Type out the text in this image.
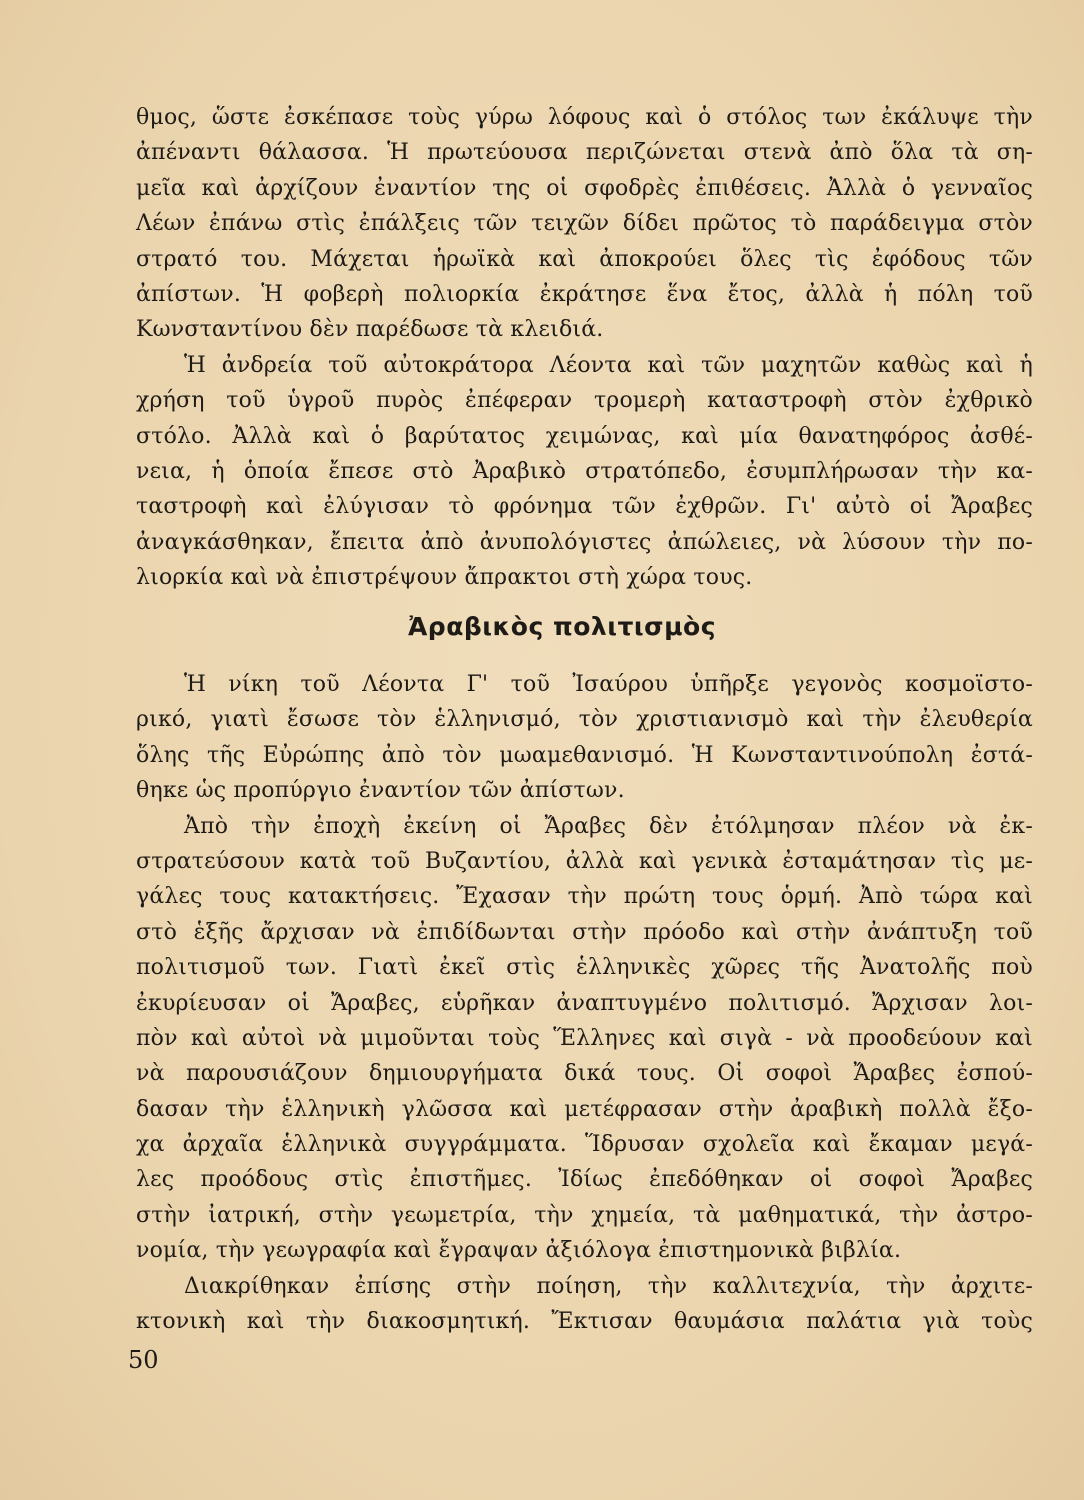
θμος, ὥστε ἐσκέπασε τοὺς γύρω λόφους καὶ ὁ στόλος των ἐκάλυψε τὴν
ἀπέναντι θάλασσα. Ἡ πρωτεύουσα περιζώνεται στενὰ ἀπὸ ὅλα τὰ ση-
μεῖα καὶ ἀρχίζουν ἐναντίον της οἱ σφοδρὲς ἐπιθέσεις. Ἀλλὰ ὁ γενναῖος
Λέων ἐπάνω στὶς ἐπάλξεις τῶν τειχῶν δίδει πρῶτος τὸ παράδειγμα στὸν
στρατό του. Μάχεται ἡρωϊκὰ καὶ ἀποκρούει ὅλες τὶς ἐφόδους τῶν
ἀπίστων. Ἡ φοβερὴ πολιορκία ἐκράτησε ἕνα ἔτος, ἀλλὰ ἡ πόλη τοῦ
Κωνσταντίνου δὲν παρέδωσε τὰ κλειδιά.
Ἡ ἀνδρεία τοῦ αὐτοκράτορα Λέοντα καὶ τῶν μαχητῶν καθὼς καὶ ἡ
χρήση τοῦ ὑγροῦ πυρὸς ἐπέφεραν τρομερὴ καταστροφὴ στὸν ἐχθρικὸ
στόλο. Ἀλλὰ καὶ ὁ βαρύτατος χειμώνας, καὶ μία θανατηφόρος ἀσθέ-
νεια, ἡ ὁποία ἔπεσε στὸ Ἀραβικὸ στρατόπεδο, ἐσυμπλήρωσαν τὴν κα-
ταστροφὴ καὶ ἐλύγισαν τὸ φρόνημα τῶν ἐχθρῶν. Γι' αὐτὸ οἱ Ἄραβες
ἀναγκάσθηκαν, ἔπειτα ἀπὸ ἀνυπολόγιστες ἀπώλειες, νὰ λύσουν τὴν πο-
λιορκία καὶ νὰ ἐπιστρέψουν ἄπρακτοι στὴ χώρα τους.
Ἀραβικὸς πολιτισμὸς
Ἡ νίκη τοῦ Λέοντα Γ' τοῦ Ἰσαύρου ὑπῆρξε γεγονὸς κοσμοϊστο-
ρικό, γιατὶ ἔσωσε τὸν ἑλληνισμό, τὸν χριστιανισμὸ καὶ τὴν ἐλευθερία
ὅλης τῆς Εὐρώπης ἀπὸ τὸν μωαμεθανισμό. Ἡ Κωνσταντινούπολη ἐστά-
θηκε ὡς προπύργιο ἐναντίον τῶν ἀπίστων.
Ἀπὸ τὴν ἐποχὴ ἐκείνη οἱ Ἄραβες δὲν ἐτόλμησαν πλέον νὰ ἐκ-
στρατεύσουν κατὰ τοῦ Βυζαντίου, ἀλλὰ καὶ γενικὰ ἐσταμάτησαν τὶς με-
γάλες τους κατακτήσεις. Ἔχασαν τὴν πρώτη τους ὁρμή. Ἀπὸ τώρα καὶ
στὸ ἑξῆς ἄρχισαν νὰ ἐπιδίδωνται στὴν πρόοδο καὶ στὴν ἀνάπτυξη τοῦ
πολιτισμοῦ των. Γιατὶ ἐκεῖ στὶς ἑλληνικὲς χῶρες τῆς Ἀνατολῆς ποὺ
ἐκυρίευσαν οἱ Ἄραβες, εὑρῆκαν ἀναπτυγμένο πολιτισμό. Ἄρχισαν λοι-
πὸν καὶ αὐτοὶ νὰ μιμοῦνται τοὺς Ἕλληνες καὶ σιγὰ - νὰ προοδεύουν καὶ
νὰ παρουσιάζουν δημιουργήματα δικά τους. Οἱ σοφοὶ Ἄραβες ἐσπού-
δασαν τὴν ἑλληνικὴ γλῶσσα καὶ μετέφρασαν στὴν ἀραβικὴ πολλὰ ἔξο-
χα ἀρχαῖα ἑλληνικὰ συγγράμματα. Ἵδρυσαν σχολεῖα καὶ ἔκαμαν μεγά-
λες προόδους στὶς ἐπιστῆμες. Ἰδίως ἐπεδόθηκαν οἱ σοφοὶ Ἄραβες
στὴν ἰατρική, στὴν γεωμετρία, τὴν χημεία, τὰ μαθηματικά, τὴν ἀστρο-
νομία, τὴν γεωγραφία καὶ ἔγραψαν ἀξιόλογα ἐπιστημονικὰ βιβλία.
Διακρίθηκαν ἐπίσης στὴν ποίηση, τὴν καλλιτεχνία, τὴν ἀρχιτε-
κτονικὴ καὶ τὴν διακοσμητική. Ἔκτισαν θαυμάσια παλάτια γιὰ τοὺς
50
